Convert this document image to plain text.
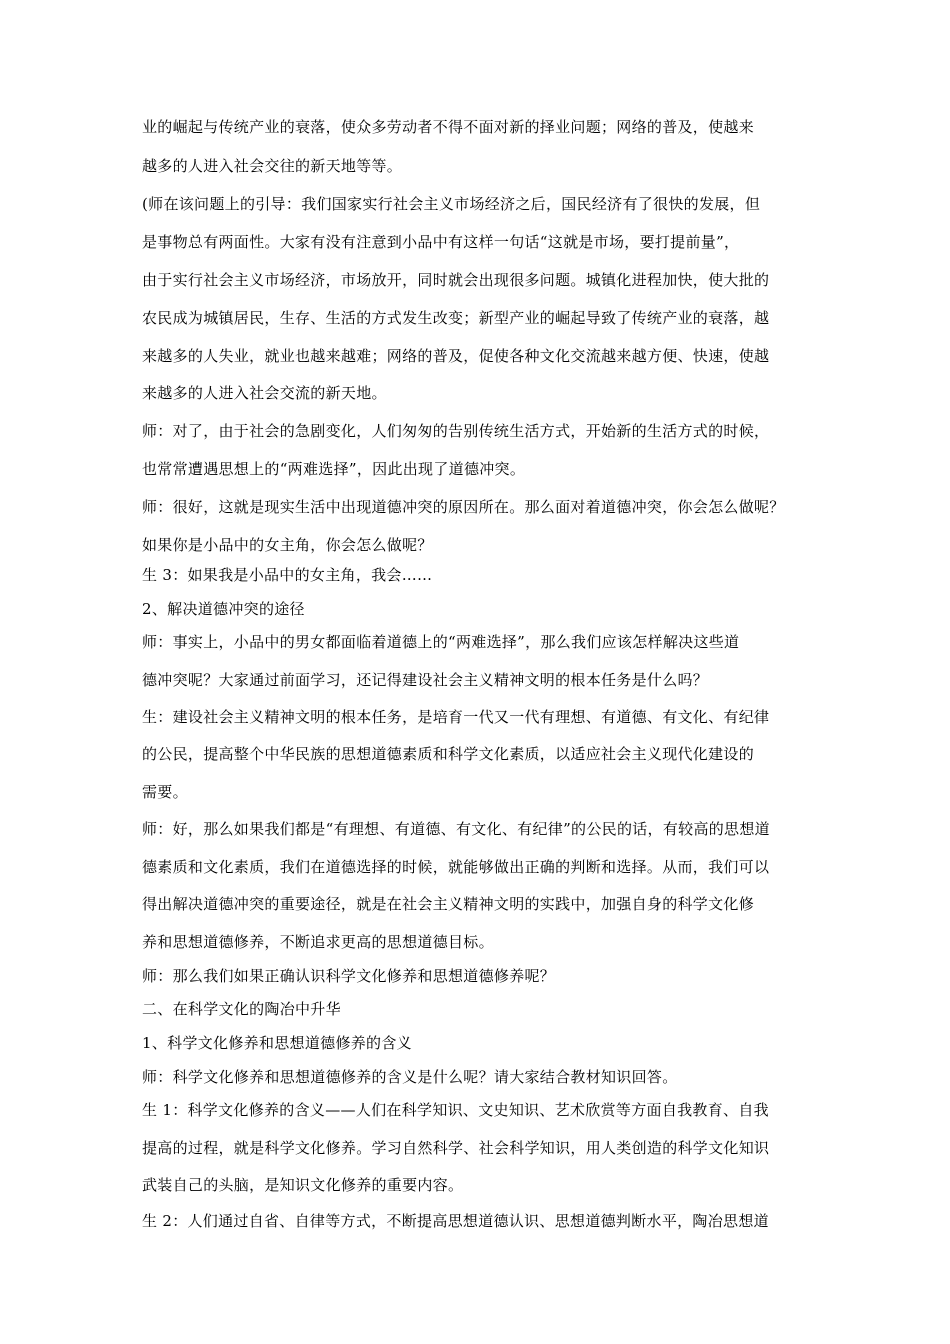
业的崛起与传统产业的衰落，使众多劳动者不得不面对新的择业问题；网络的普及，使越来
越多的人进入社会交往的新天地等等。
(师在该问题上的引导：我们国家实行社会主义市场经济之后，国民经济有了很快的发展，但
是事物总有两面性。大家有没有注意到小品中有这样一句话“这就是市场，要打提前量”，
由于实行社会主义市场经济，市场放开，同时就会出现很多问题。城镇化进程加快，使大批的
农民成为城镇居民，生存、生活的方式发生改变；新型产业的崛起导致了传统产业的衰落，越
来越多的人失业，就业也越来越难；网络的普及，促使各种文化交流越来越方便、快速，使越
来越多的人进入社会交流的新天地。
师：对了，由于社会的急剧变化，人们匆匆的告别传统生活方式，开始新的生活方式的时候，
也常常遭遇思想上的“两难选择”，因此出现了道德冲突。
师：很好，这就是现实生活中出现道德冲突的原因所在。那么面对着道德冲突，你会怎么做呢？
如果你是小品中的女主角，你会怎么做呢？
生 3：如果我是小品中的女主角，我会……
2、解决道德冲突的途径
师：事实上，小品中的男女都面临着道德上的“两难选择”，那么我们应该怎样解决这些道
德冲突呢？大家通过前面学习，还记得建设社会主义精神文明的根本任务是什么吗？
生：建设社会主义精神文明的根本任务，是培育一代又一代有理想、有道德、有文化、有纪律
的公民，提高整个中华民族的思想道德素质和科学文化素质，以适应社会主义现代化建设的
需要。
师：好，那么如果我们都是“有理想、有道德、有文化、有纪律”的公民的话，有较高的思想道
德素质和文化素质，我们在道德选择的时候，就能够做出正确的判断和选择。从而，我们可以
得出解决道德冲突的重要途径，就是在社会主义精神文明的实践中，加强自身的科学文化修
养和思想道德修养，不断追求更高的思想道德目标。
师：那么我们如果正确认识科学文化修养和思想道德修养呢？
二、在科学文化的陶冶中升华
1、科学文化修养和思想道德修养的含义
师：科学文化修养和思想道德修养的含义是什么呢？请大家结合教材知识回答。
生 1：科学文化修养的含义——人们在科学知识、文史知识、艺术欣赏等方面自我教育、自我
提高的过程，就是科学文化修养。学习自然科学、社会科学知识，用人类创造的科学文化知识
武装自己的头脑，是知识文化修养的重要内容。
生 2：人们通过自省、自律等方式，不断提高思想道德认识、思想道德判断水平，陶冶思想道
